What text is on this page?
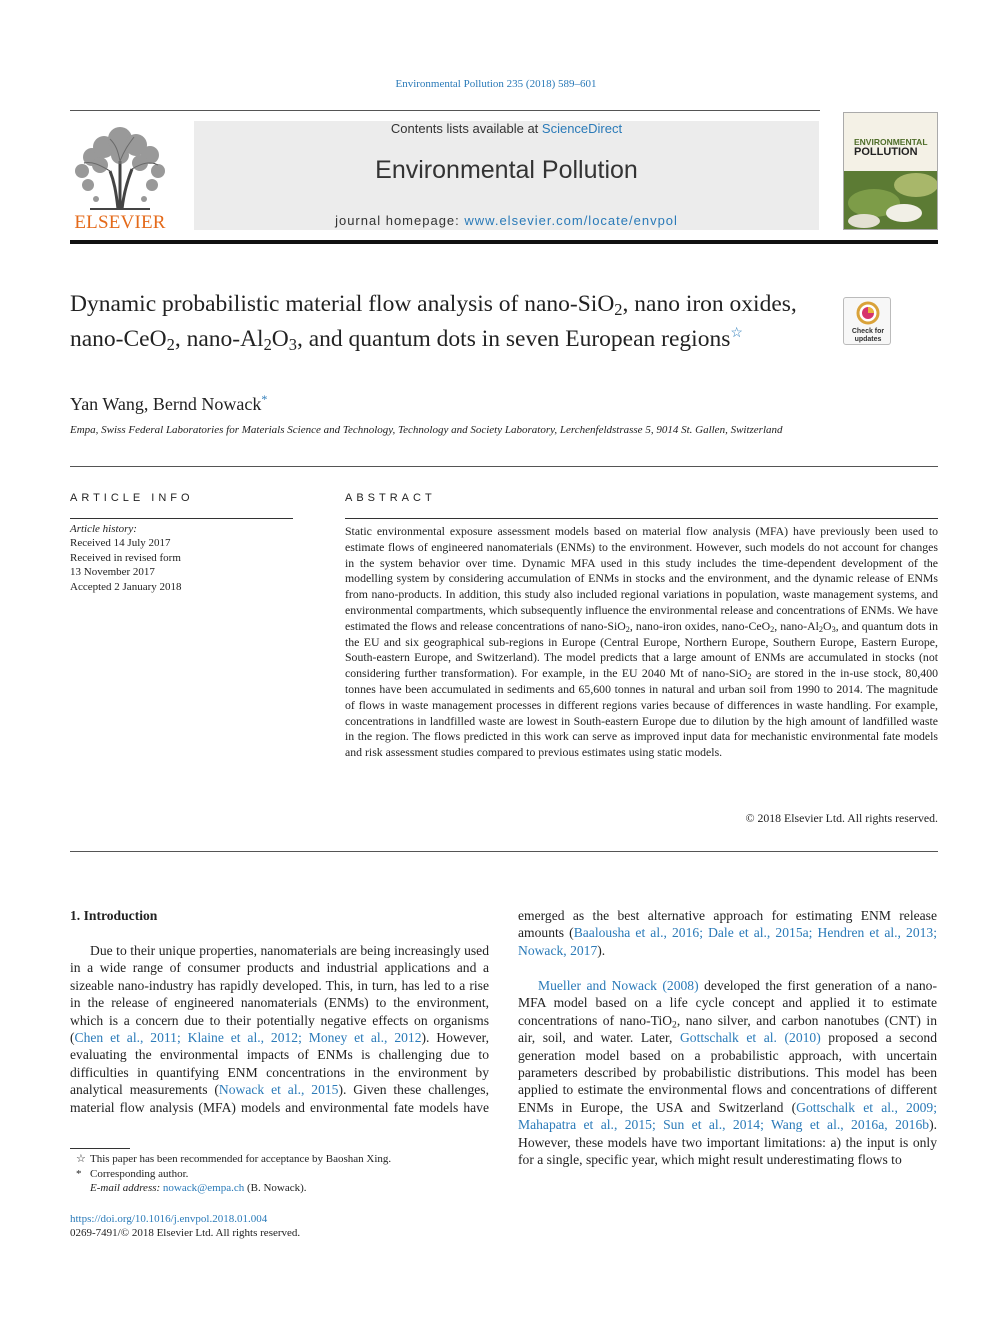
Environmental Pollution 235 (2018) 589–601
ELSEVIER
Contents lists available at ScienceDirect
Environmental Pollution
journal homepage: www.elsevier.com/locate/envpol
ENVIRONMENTAL
POLLUTION
Dynamic probabilistic material flow analysis of nano-SiO$_2$, nano iron oxides, nano-CeO$_2$, nano-$Al_2O_3$, and quantum dots in seven European regions☆	Check for
updates
Yan Wang, Bernd Nowack*
Empa, Swiss Federal Laboratories for Materials Science and Technology, Technology and Society Laboratory, Lerchenfeldstrasse 5, 9014 St. Gallen, Switzerland
ARTICLE INFO
Article history:
Received 14 July 2017
Received in revised form
13 November 2017
Accepted 2 January 2018
ABSTRACT
Static environmental exposure assessment models based on material flow analysis (MFA) have previously been used to estimate flows of engineered nanomaterials (ENMs) to the environment. However, such models do not account for changes in the system behavior over time. Dynamic MFA used in this study includes the time-dependent development of the modelling system by considering accumulation of ENMs in stocks and the environment, and the dynamic release of ENMs from nano-products. In addition, this study also included regional variations in population, waste management systems, and environmental compartments, which subsequently influence the environmental release and concentrations of ENMs. We have estimated the flows and release concentrations of nano-SiO$_2$, nano-iron oxides, nano-CeO$_2$, nano-$Al_2O_3$, and quantum dots in the EU and six geographical sub-regions in Europe (Central Europe, Northern Europe, Southern Europe, Eastern Europe, South-eastern Europe, and Switzerland). The model predicts that a large amount of ENMs are accumulated in stocks (not considering further transformation). For example, in the EU 2040 Mt of nano-SiO$_2$ are stored in the in-use stock, 80,400 tonnes have been accumulated in sediments and 65,600 tonnes in natural and urban soil from 1990 to 2014. The magnitude of flows in waste management processes in different regions varies because of differences in waste handling. For example, concentrations in landfilled waste are lowest in South-eastern Europe due to dilution by the high amount of landfilled waste in the region. The flows predicted in this work can serve as improved input data for mechanistic environmental fate models and risk assessment studies compared to previous estimates using static models.
© 2018 Elsevier Ltd. All rights reserved.
1. Introduction
Due to their unique properties, nanomaterials are being increasingly used in a wide range of consumer products and industrial applications and a sizeable nano-industry has rapidly developed. This, in turn, has led to a rise in the release of engineered nanomaterials (ENMs) to the environment, which is a concern due to their potentially negative effects on organisms (Chen et al., 2011; Klaine et al., 2012; Money et al., 2012). However, evaluating the environmental impacts of ENMs is challenging due to difficulties in quantifying ENM concentrations in the environment by analytical measurements (Nowack et al., 2015). Given these challenges, material flow analysis (MFA) models and environmental fate models have
emerged as the best alternative approach for estimating ENM release amounts (Baalousha et al., 2016; Dale et al., 2015a; Hendren et al., 2013; Nowack, 2017).
Mueller and Nowack (2008) developed the first generation of a nano-MFA model based on a life cycle concept and applied it to estimate concentrations of nano-TiO$_2$, nano silver, and carbon nanotubes (CNT) in air, soil, and water. Later, Gottschalk et al. (2010) proposed a second generation model based on a probabilistic approach, with uncertain parameters described by probabilistic distributions. This model has been applied to estimate the environmental flows and concentrations of different ENMs in Europe, the USA and Switzerland (Gottschalk et al., 2009; Mahapatra et al., 2015; Sun et al., 2014; Wang et al., 2016a, 2016b). However, these models have two important limitations: a) the input is only for a single, specific year, which might result underestimating flows to
☆ This paper has been recommended for acceptance by Baoshan Xing.
* Corresponding author.
E-mail address: nowack@empa.ch (B. Nowack).
https://doi.org/10.1016/j.envpol.2018.01.004
0269-7491/© 2018 Elsevier Ltd. All rights reserved.
